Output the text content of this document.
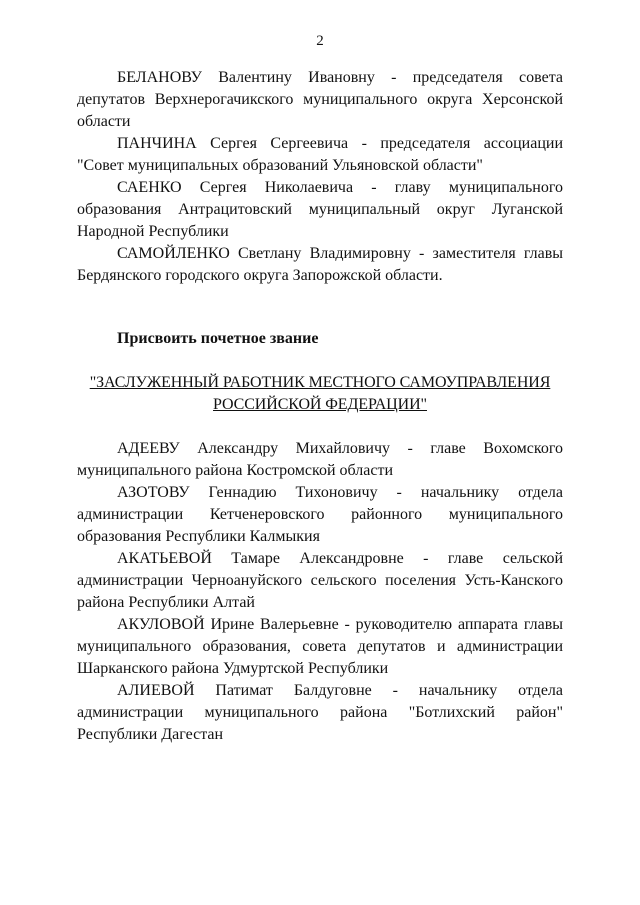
2

БЕЛАНОВУ Валентину Ивановну - председателя совета депутатов Верхнерогачикского муниципального округа Херсонской области

ПАНЧИНА Сергея Сергеевича - председателя ассоциации "Совет муниципальных образований Ульяновской области"

САЕНКО Сергея Николаевича - главу муниципального образования Антрацитовский муниципальный округ Луганской Народной Республики

САМОЙЛЕНКО Светлану Владимировну - заместителя главы Бердянского городского округа Запорожской области.

Присвоить почетное звание
"ЗАСЛУЖЕННЫЙ РАБОТНИК МЕСТНОГО САМОУПРАВЛЕНИЯ
РОССИЙСКОЙ ФЕДЕРАЦИИ"

АДЕЕВУ Александру Михайловичу - главе Вохомского муниципального района Костромской области

АЗОТОВУ Геннадию Тихоновичу - начальнику отдела администрации Кетченеровского районного муниципального образования Республики Калмыкия

АКАТЬЕВОЙ Тамаре Александровне - главе сельской администрации Черноануйского сельского поселения Усть-Канского района Республики Алтай

АКУЛОВОЙ Ирине Валерьевне - руководителю аппарата главы муниципального образования, совета депутатов и администрации Шарканского района Удмуртской Республики

АЛИЕВОЙ Патимат Балдуговне - начальнику отдела администрации муниципального района "Ботлихский район" Республики Дагестан
